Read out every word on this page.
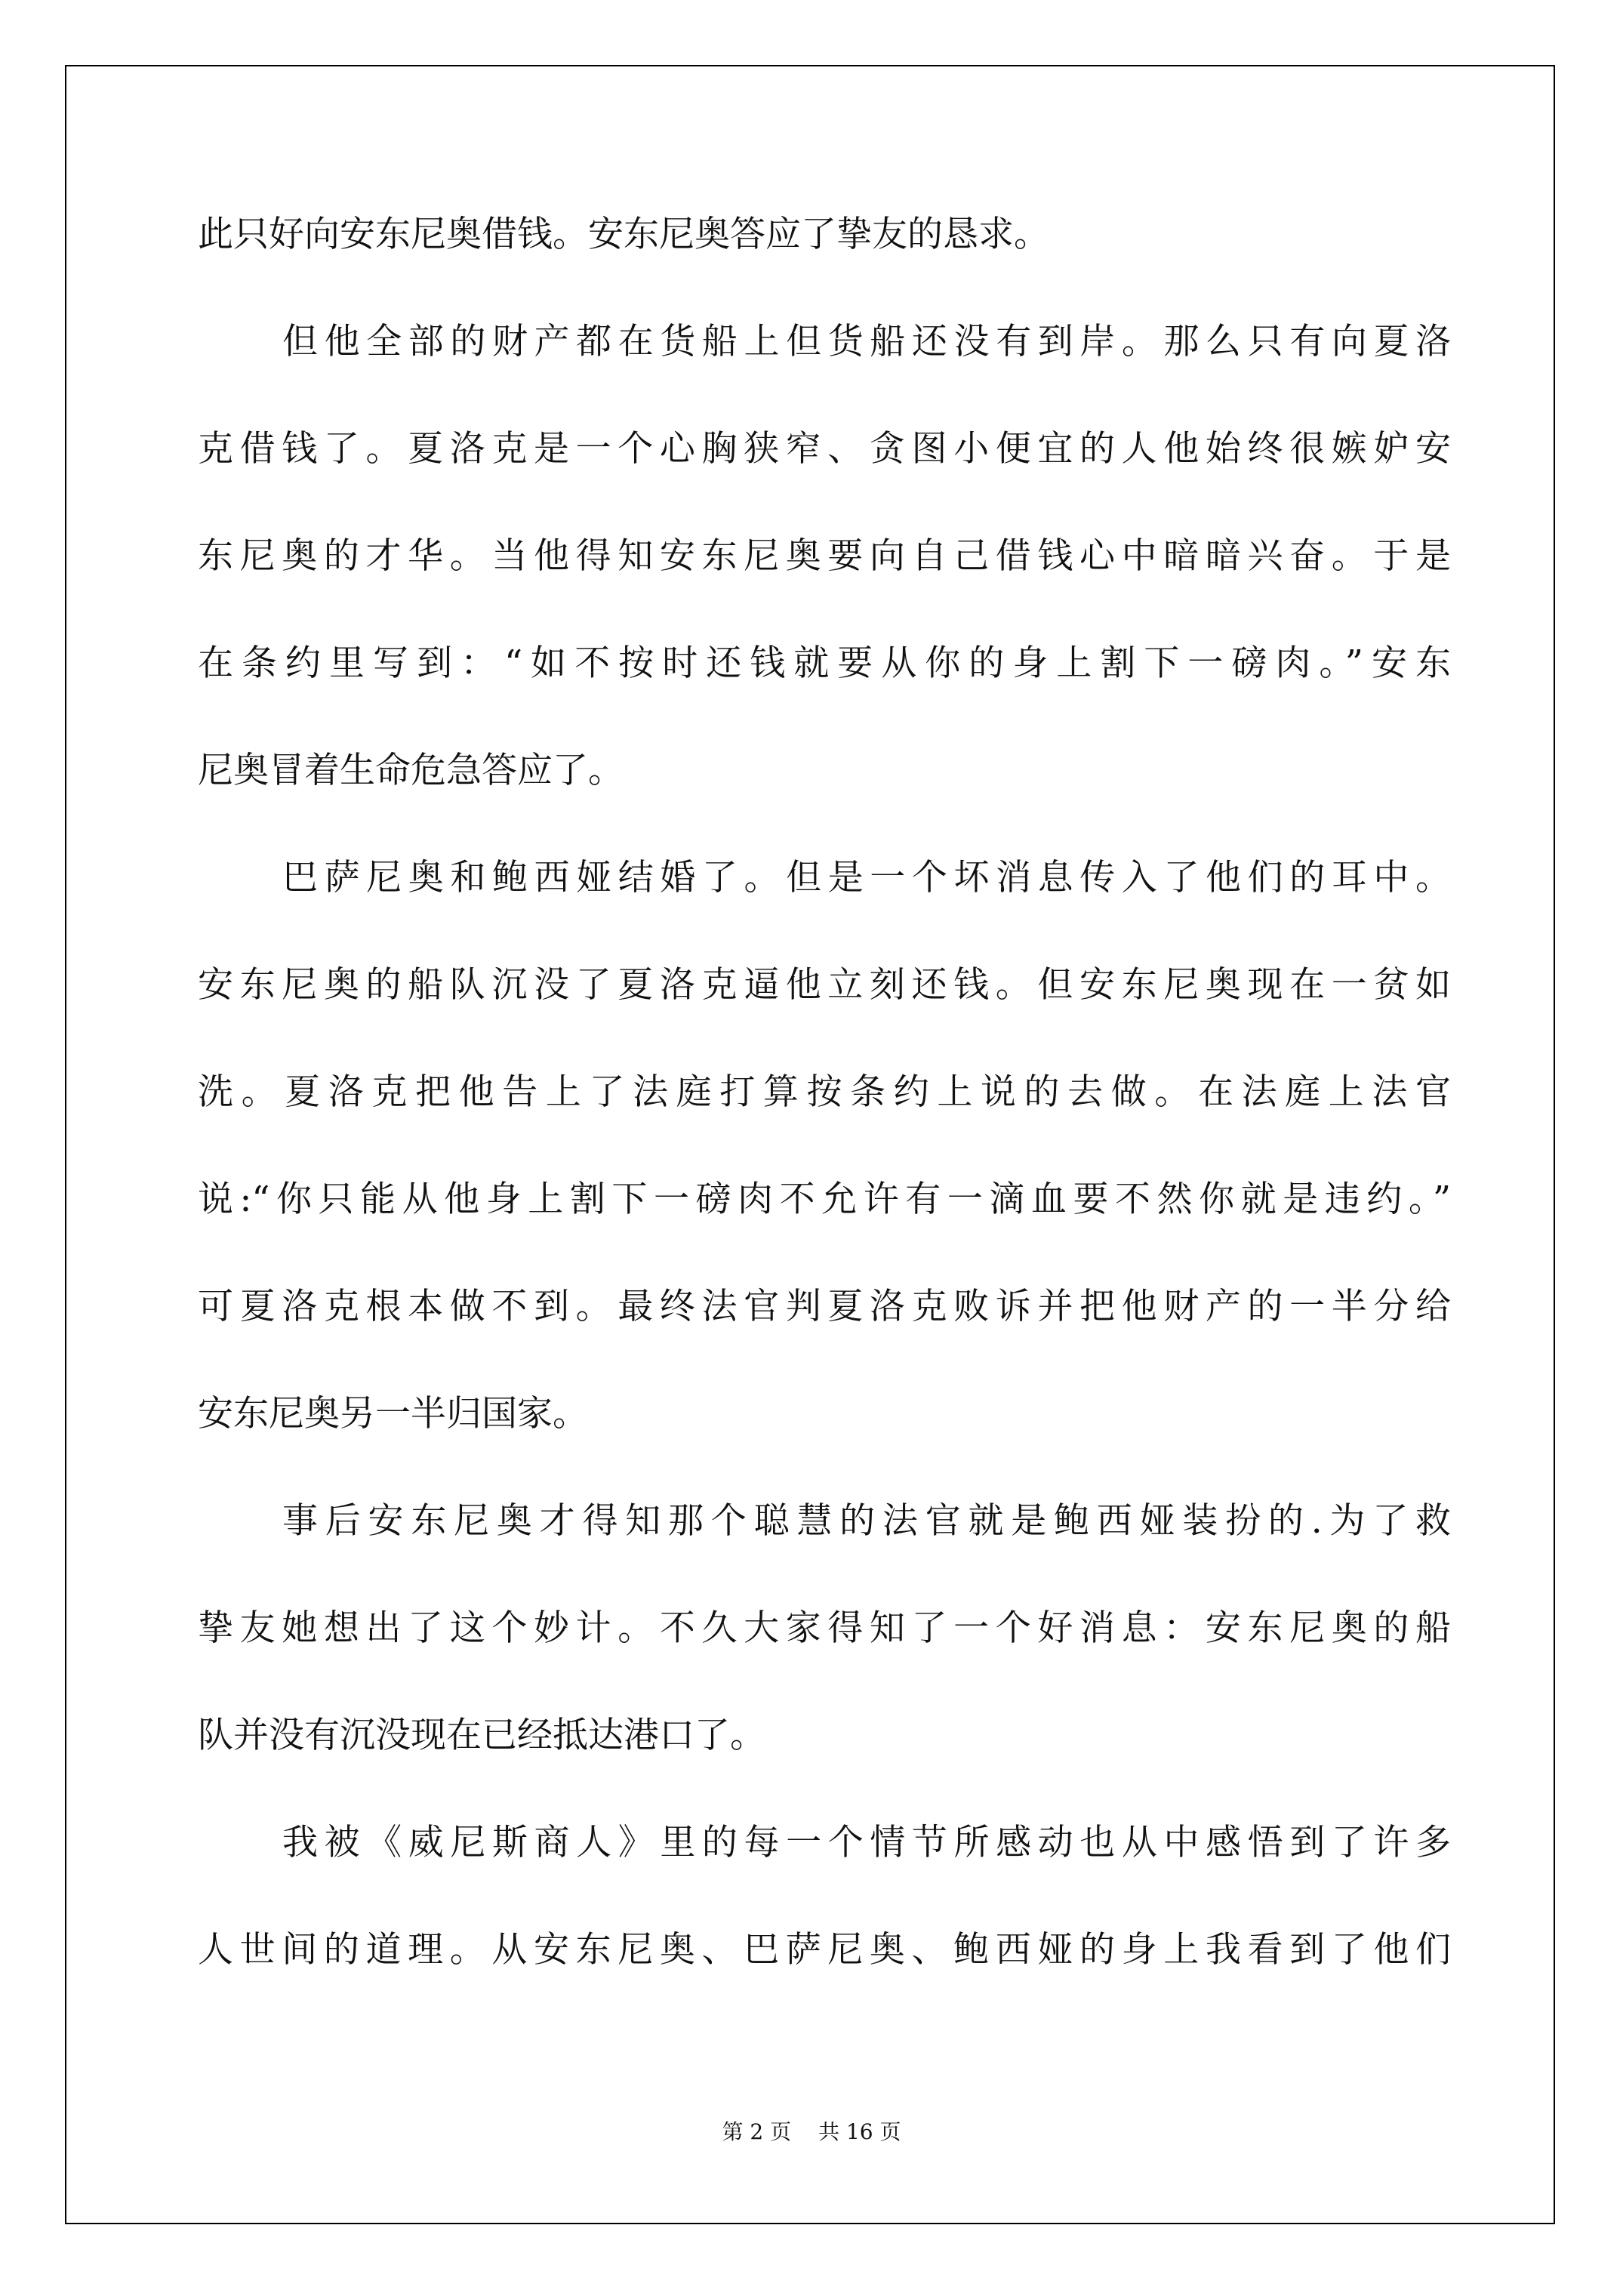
此只好向安东尼奥借钱。安东尼奥答应了挚友的恳求。
但他全部的财产都在货船上但货船还没有到岸。那么只有向夏洛
克借钱了。夏洛克是一个心胸狭窄、贪图小便宜的人他始终很嫉妒安
东尼奥的才华。当他得知安东尼奥要向自己借钱心中暗暗兴奋。于是
在条约里写到：“如不按时还钱就要从你的身上割下一磅肉。”安东
尼奥冒着生命危急答应了。
巴萨尼奥和鲍西娅结婚了。但是一个坏消息传入了他们的耳中。
安东尼奥的船队沉没了夏洛克逼他立刻还钱。但安东尼奥现在一贫如
洗。夏洛克把他告上了法庭打算按条约上说的去做。在法庭上法官
说:“你只能从他身上割下一磅肉不允许有一滴血要不然你就是违约。”
可夏洛克根本做不到。最终法官判夏洛克败诉并把他财产的一半分给
安东尼奥另一半归国家。
事后安东尼奥才得知那个聪慧的法官就是鲍西娅装扮的.为了救
挚友她想出了这个妙计。不久大家得知了一个好消息：安东尼奥的船
队并没有沉没现在已经抵达港口了。
我被《威尼斯商人》里的每一个情节所感动也从中感悟到了许多
人世间的道理。从安东尼奥、巴萨尼奥、鲍西娅的身上我看到了他们
第 2 页 共 16 页
